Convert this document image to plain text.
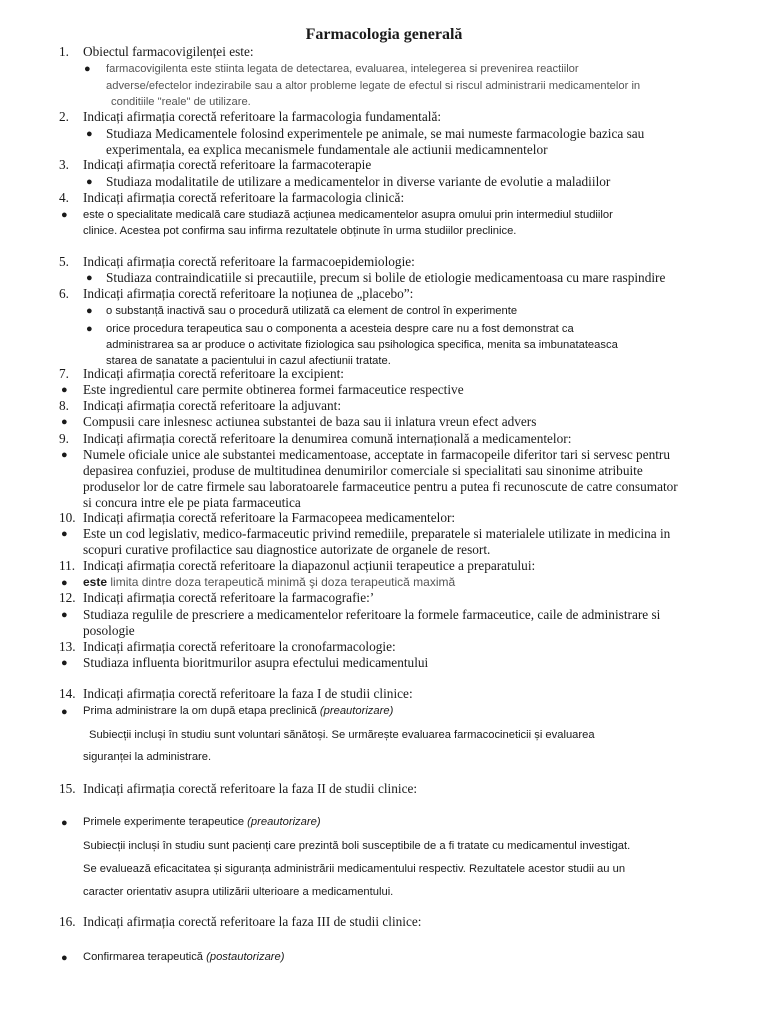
Farmacologia generală
1. Obiectul farmacovigilenței este:
● farmacovigilenta este stiinta legata de detectarea, evaluarea, intelegerea si prevenirea reactiilor
adverse/efectelor indezirabile sau a altor probleme legate de efectul si riscul administrarii medicamentelor in
conditiile "reale" de utilizare.
2. Indicați afirmația corectă referitoare la farmacologia fundamentală:
● Studiaza Medicamentele folosind experimentele pe animale, se mai numeste farmacologie bazica sau
experimentala, ea explica mecanismele fundamentale ale actiunii medicamnentelor
3. Indicați afirmația corectă referitoare la farmacoterapie
● Studiaza modalitatile de utilizare a medicamentelor in diverse variante de evolutie a maladiilor
4. Indicați afirmația corectă referitoare la farmacologia clinică:
● este o specialitate medicală care studiază acțiunea medicamentelor asupra omului prin intermediul studiilor
clinice. Acestea pot confirma sau infirma rezultatele obținute în urma studiilor preclinice.
5. Indicați afirmația corectă referitoare la farmacoepidemiologie:
● Studiaza contraindicatiile si precautiile, precum si bolile de etiologie medicamentoasa cu mare raspindire
6. Indicați afirmația corectă referitoare la noțiunea de „placebo”:
● o substanță inactivă sau o procedură utilizată ca element de control în experimente
● orice procedura terapeutica sau o componenta a acesteia despre care nu a fost demonstrat ca
administrarea sa ar produce o activitate fiziologica sau psihologica specifica, menita sa imbunatateasca
starea de sanatate a pacientului in cazul afectiunii tratate.
7. Indicați afirmația corectă referitoare la excipient:
● Este ingredientul care permite obtinerea formei farmaceutice respective
8. Indicați afirmația corectă referitoare la adjuvant:
● Compusii care inlesnesc actiunea substantei de baza sau ii inlatura vreun efect advers
9. Indicați afirmația corectă referitoare la denumirea comună internațională a medicamentelor:
● Numele oficiale unice ale substantei medicamentoase, acceptate in farmacopeile diferitor tari si servesc pentru
depasirea confuziei, produse de multitudinea denumirilor comerciale si specialitati sau sinonime atribuite
produselor lor de catre firmele sau laboratoarele farmaceutice pentru a putea fi recunoscute de catre consumator
si concura intre ele pe piata farmaceutica
10. Indicați afirmația corectă referitoare la Farmacopeea medicamentelor:
● Este un cod legislativ, medico-farmaceutic privind remediile, preparatele si materialele utilizate in medicina in
scopuri curative profilactice sau diagnostice autorizate de organele de resort.
11. Indicați afirmația corectă referitoare la diapazonul acțiunii terapeutice a preparatului:
● este limita dintre doza terapeutică minimă şi doza terapeutică maximă
12. Indicați afirmația corectă referitoare la farmacografie:’
● Studiaza regulile de prescriere a medicamentelor referitoare la formele farmaceutice, caile de administrare si
posologie
13. Indicați afirmația corectă referitoare la cronofarmacologie:
● Studiaza influenta bioritmurilor asupra efectului medicamentului
14. Indicați afirmația corectă referitoare la faza I de studii clinice:
● Prima administrare la om după etapa preclinică (preautorizare)
Subiecții incluși în studiu sunt voluntari sănătoși. Se urmărește evaluarea farmacocineticii și evaluarea
siguranței la administrare.
15. Indicați afirmația corectă referitoare la faza II de studii clinice:
● Primele experimente terapeutice (preautorizare)
Subiecții incluși în studiu sunt pacienți care prezintă boli susceptibile de a fi tratate cu medicamentul investigat.
Se evaluează eficacitatea și siguranța administrării medicamentului respectiv. Rezultatele acestor studii au un
caracter orientativ asupra utilizării ulterioare a medicamentului.
16. Indicați afirmația corectă referitoare la faza III de studii clinice:
● Confirmarea terapeutică (postautorizare)
